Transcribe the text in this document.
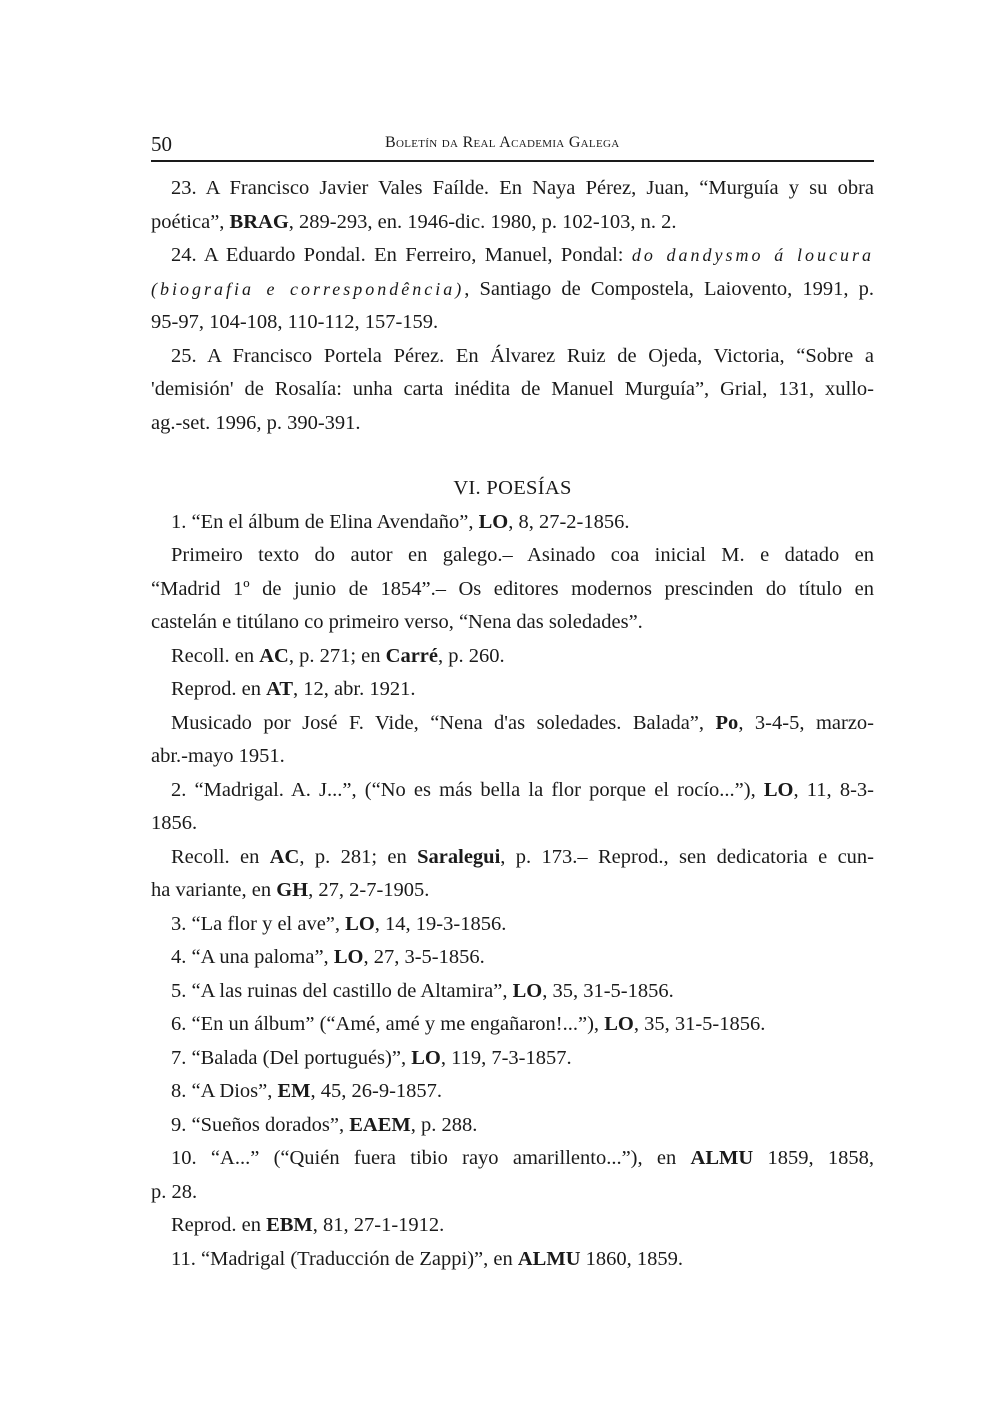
50	Boletín da Real Academia Galega
23. A Francisco Javier Vales Faílde. En Naya Pérez, Juan, “Murguía y su obra
poética”, BRAG, 289-293, en. 1946-dic. 1980, p. 102-103, n. 2.
24. A Eduardo Pondal. En Ferreiro, Manuel, Pondal: do dandysmo á loucura
(biografia e correspondência), Santiago de Compostela, Laiovento, 1991, p.
95-97, 104-108, 110-112, 157-159.
25. A Francisco Portela Pérez. En Álvarez Ruiz de Ojeda, Victoria, “Sobre a
'demisión' de Rosalía: unha carta inédita de Manuel Murguía”, Grial, 131, xullo-
ag.-set. 1996, p. 390-391.
VI. POESÍAS
1. “En el álbum de Elina Avendaño”, LO, 8, 27-2-1856.
Primeiro texto do autor en galego.– Asinado coa inicial M. e datado en
“Madrid 1º de junio de 1854”.– Os editores modernos prescinden do título en
castelán e titúlano co primeiro verso, “Nena das soledades”.
Recoll. en AC, p. 271; en Carré, p. 260.
Reprod. en AT, 12, abr. 1921.
Musicado por José F. Vide, “Nena d'as soledades. Balada”, Po, 3-4-5, marzo-
abr.-mayo 1951.
2. “Madrigal. A. J...”, (“No es más bella la flor porque el rocío...”), LO, 11, 8-3-
1856.
Recoll. en AC, p. 281; en Saralegui, p. 173.– Reprod., sen dedicatoria e cun-
ha variante, en GH, 27, 2-7-1905.
3. “La flor y el ave”, LO, 14, 19-3-1856.
4. “A una paloma”, LO, 27, 3-5-1856.
5. “A las ruinas del castillo de Altamira”, LO, 35, 31-5-1856.
6. “En un álbum” (“Amé, amé y me engañaron!...”), LO, 35, 31-5-1856.
7. “Balada (Del portugués)”, LO, 119, 7-3-1857.
8. “A Dios”, EM, 45, 26-9-1857.
9. “Sueños dorados”, EAEM, p. 288.
10. “A...” (“Quién fuera tibio rayo amarillento...”), en ALMU 1859, 1858,
p. 28.
Reprod. en EBM, 81, 27-1-1912.
11. “Madrigal (Traducción de Zappi)”, en ALMU 1860, 1859.
